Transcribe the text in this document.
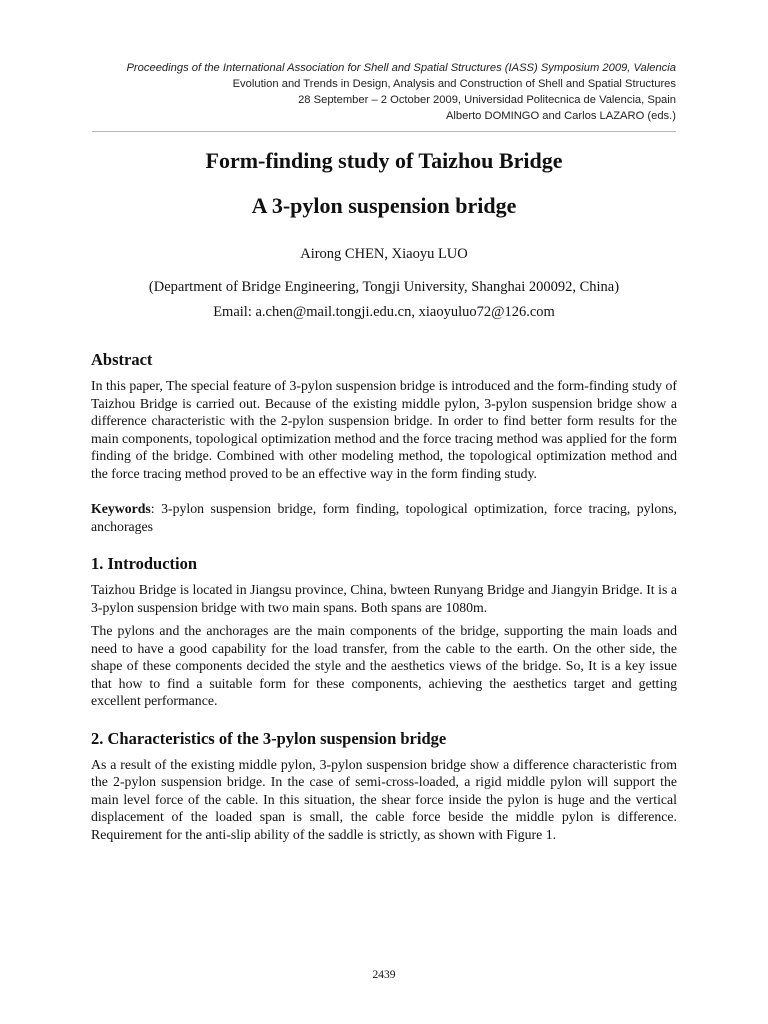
Proceedings of the International Association for Shell and Spatial Structures (IASS) Symposium 2009, Valencia
Evolution and Trends in Design, Analysis and Construction of Shell and Spatial Structures
28 September – 2 October 2009, Universidad Politecnica de Valencia, Spain
Alberto DOMINGO and Carlos LAZARO (eds.)
Form-finding study of Taizhou Bridge
A 3-pylon suspension bridge
Airong CHEN, Xiaoyu LUO
(Department of Bridge Engineering, Tongji University, Shanghai 200092, China)
Email: a.chen@mail.tongji.edu.cn, xiaoyuluo72@126.com
Abstract

In this paper, The special feature of 3-pylon suspension bridge is introduced and the form-finding study of Taizhou Bridge is carried out. Because of the existing middle pylon, 3-pylon suspension bridge show a difference characteristic with the 2-pylon suspension bridge. In order to find better form results for the main components, topological optimization method and the force tracing method was applied for the form finding of the bridge. Combined with other modeling method, the topological optimization method and the force tracing method proved to be an effective way in the form finding study.

Keywords: 3-pylon suspension bridge, form finding, topological optimization, force tracing, pylons, anchorages

1. Introduction

Taizhou Bridge is located in Jiangsu province, China, bwteen Runyang Bridge and Jiangyin Bridge. It is a 3-pylon suspension bridge with two main spans. Both spans are 1080m.

The pylons and the anchorages are the main components of the bridge, supporting the main loads and need to have a good capability for the load transfer, from the cable to the earth. On the other side, the shape of these components decided the style and the aesthetics views of the bridge. So, It is a key issue that how to find a suitable form for these components, achieving the aesthetics target and getting excellent performance.

2. Characteristics of the 3-pylon suspension bridge

As a result of the existing middle pylon, 3-pylon suspension bridge show a difference characteristic from the 2-pylon suspension bridge. In the case of semi-cross-loaded, a rigid middle pylon will support the main level force of the cable. In this situation, the shear force inside the pylon is huge and the vertical displacement of the loaded span is small, the cable force beside the middle pylon is difference. Requirement for the anti-slip ability of the saddle is strictly, as shown with Figure 1.

2439
